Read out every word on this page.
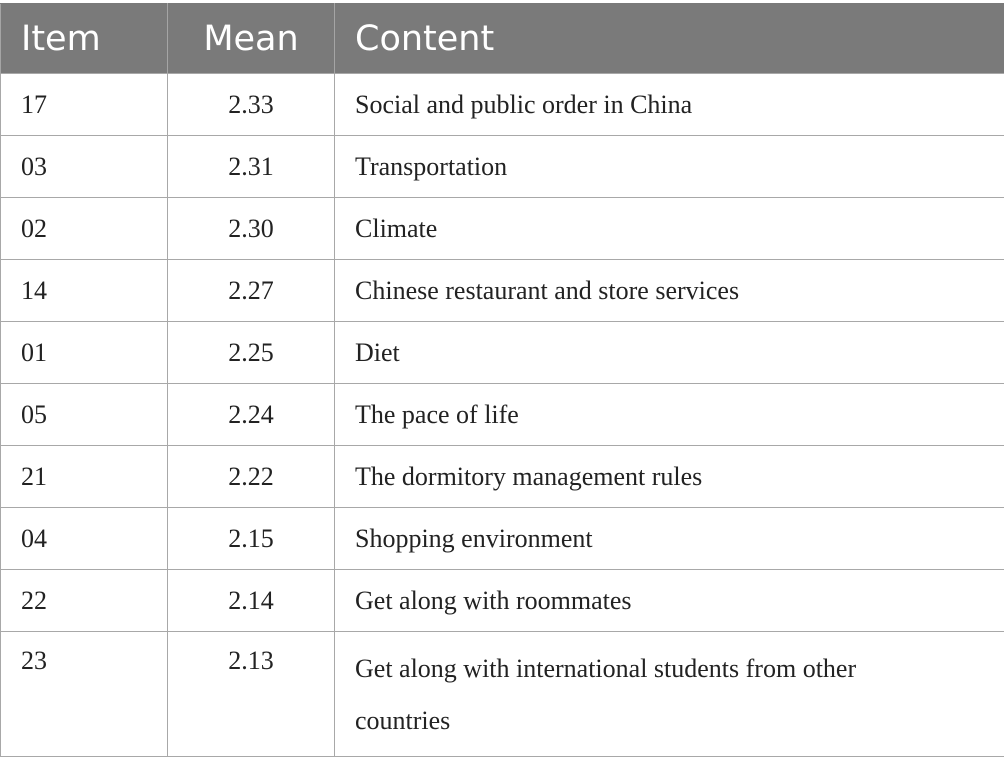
Item	Mean	Content
17	2.33	Social and public order in China
03	2.31	Transportation
02	2.30	Climate
14	2.27	Chinese restaurant and store services
01	2.25	Diet
05	2.24	The pace of life
21	2.22	The dormitory management rules
04	2.15	Shopping environment
22	2.14	Get along with roommates
23	2.13	Get along with international students from other
countries
